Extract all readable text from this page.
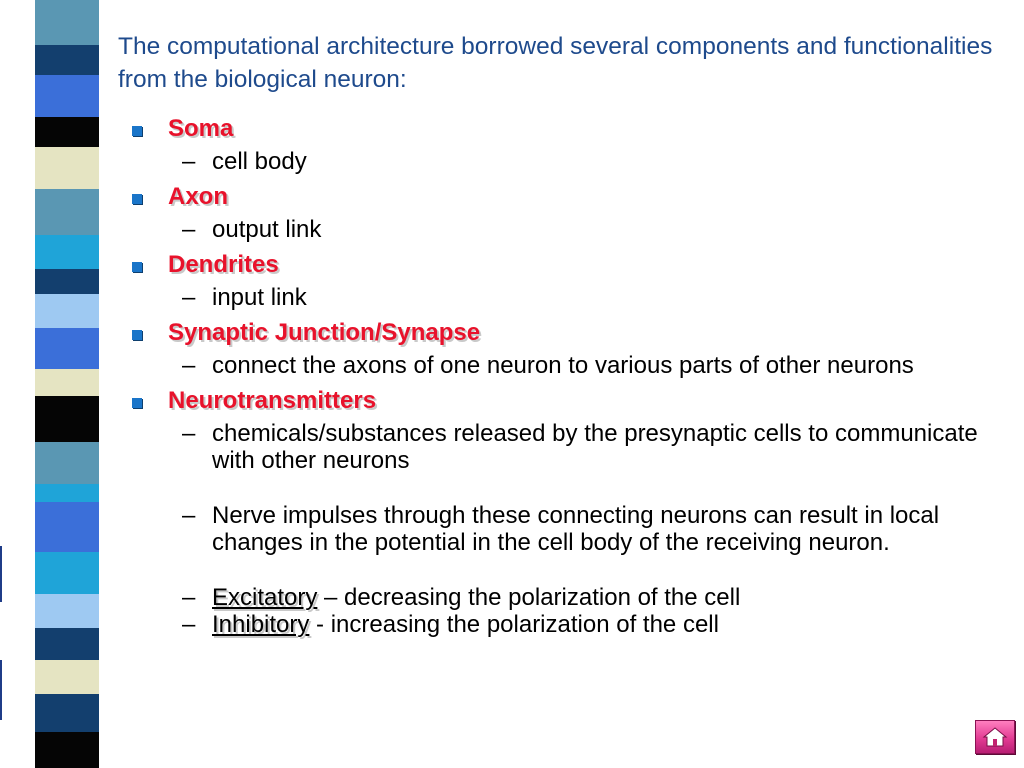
The computational architecture borrowed several components and functionalities from the biological neuron:
Soma
– cell body
Axon
– output link
Dendrites
– input link
Synaptic Junction/Synapse
– connect the axons of one neuron to various parts of other neurons
Neurotransmitters
– chemicals/substances released by the presynaptic cells to communicate with other neurons
– Nerve impulses through these connecting neurons can result in local changes in the potential in the cell body of the receiving neuron.
– Excitatory – decreasing the polarization of the cell
– Inhibitory - increasing the polarization of the cell
